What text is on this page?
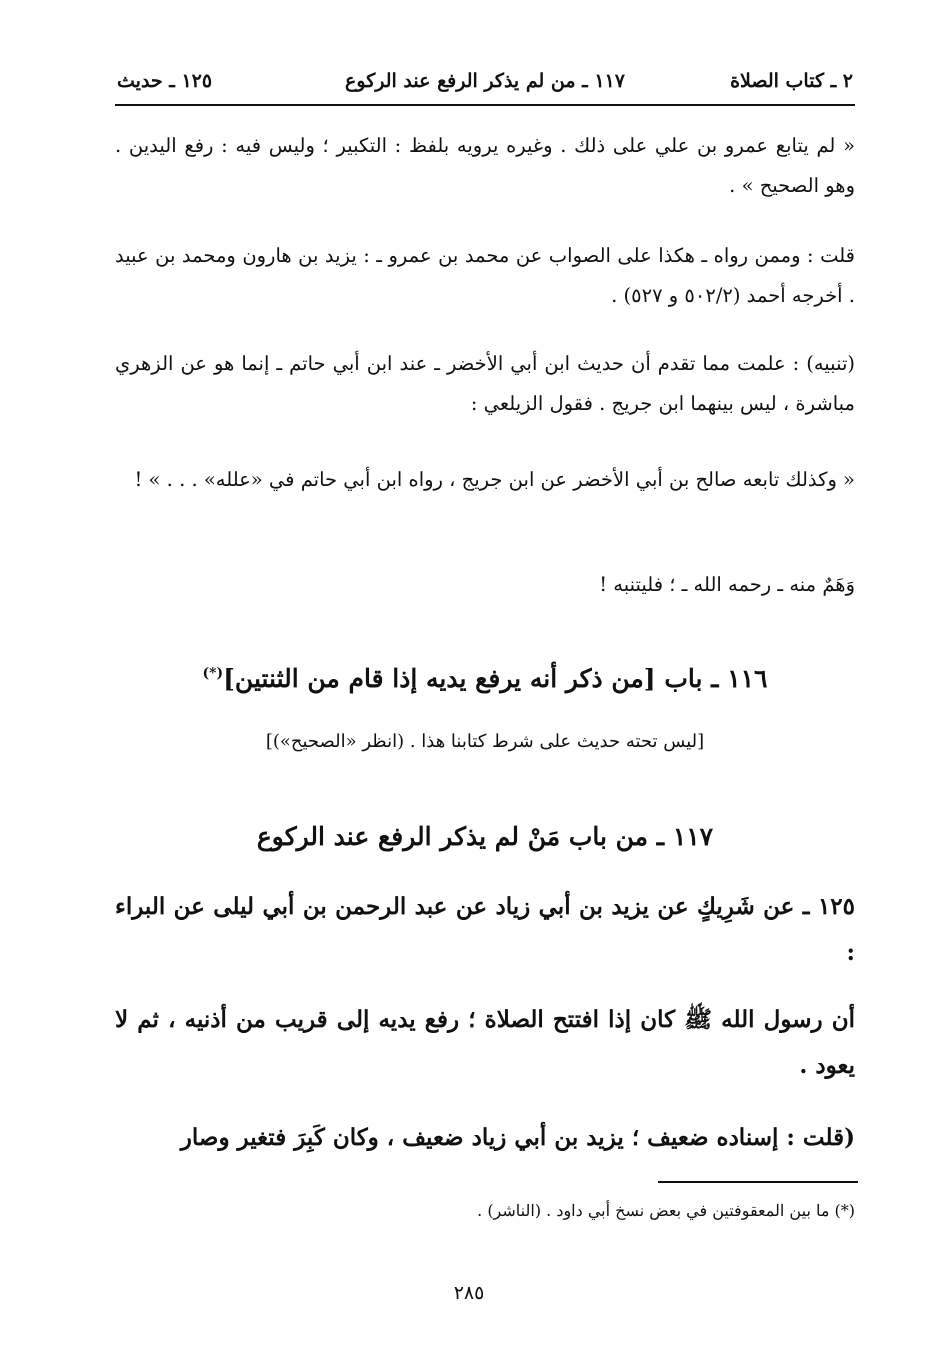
٢ ـ كتاب الصلاة
١١٧ ـ من لم يذكر الرفع عند الركوع
١٢٥ ـ حديث

« لم يتابع عمرو بن علي على ذلك . وغيره يرويه بلفظ : التكبير ؛ وليس فيه : رفع اليدين . وهو الصحيح » .

قلت : وممن رواه ـ هكذا على الصواب عن محمد بن عمرو ـ : يزيد بن هارون ومحمد بن عبيد . أخرجه أحمد (٥٠٢/٢ و ٥٢٧) .

(تنبيه) : علمت مما تقدم أن حديث ابن أبي الأخضر ـ عند ابن أبي حاتم ـ إنما هو عن الزهري مباشرة ، ليس بينهما ابن جريج . فقول الزيلعي :

« وكذلك تابعه صالح بن أبي الأخضر عن ابن جريج ، رواه ابن أبي حاتم في «علله» . . . » !

وَهَمٌ منه ـ رحمه الله ـ ؛ فليتنبه !

١١٦ ـ باب [من ذكر أنه يرفع يديه إذا قام من الثنتين](*)

[ليس تحته حديث على شرط كتابنا هذا . (انظر «الصحيح»)]

١١٧ ـ من باب مَنْ لم يذكر الرفع عند الركوع

١٢٥ ـ عن شَرِيكٍ عن يزيد بن أبي زياد عن عبد الرحمن بن أبي ليلى عن البراء :

أن رسول الله ﷺ كان إذا افتتح الصلاة ؛ رفع يديه إلى قريب من أذنيه ، ثم لا يعود .

(قلت : إسناده ضعيف ؛ يزيد بن أبي زياد ضعيف ، وكان كَبِرَ فتغير وصار

(*) ما بين المعقوفتين في بعض نسخ أبي داود . (الناشر) .

٢٨٥
